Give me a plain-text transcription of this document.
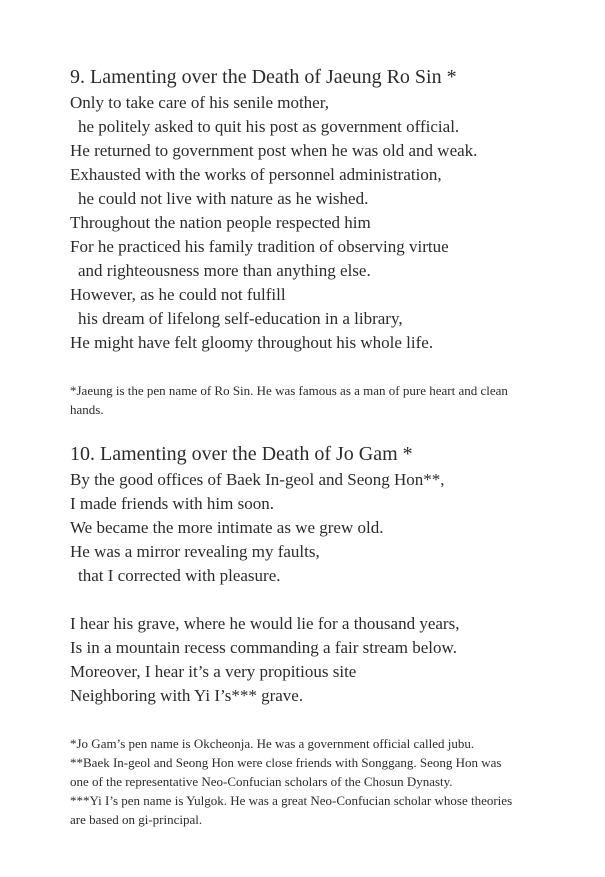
9. Lamenting over the Death of Jaeung Ro Sin *
Only to take care of his senile mother,
he politely asked to quit his post as government official.
He returned to government post when he was old and weak.
Exhausted with the works of personnel administration,
he could not live with nature as he wished.
Throughout the nation people respected him
For he practiced his family tradition of observing virtue
and righteousness more than anything else.
However, as he could not fulfill
his dream of lifelong self-education in a library,
He might have felt gloomy throughout his whole life.
*Jaeung is the pen name of Ro Sin. He was famous as a man of pure heart and clean
hands.
10. Lamenting over the Death of Jo Gam *
By the good offices of Baek In-geol and Seong Hon**,
I made friends with him soon.
We became the more intimate as we grew old.
He was a mirror revealing my faults,
that I corrected with pleasure.
I hear his grave, where he would lie for a thousand years,
Is in a mountain recess commanding a fair stream below.
Moreover, I hear it’s a very propitious site
Neighboring with Yi I’s*** grave.
*Jo Gam’s pen name is Okcheonja. He was a government official called jubu.
**Baek In-geol and Seong Hon were close friends with Songgang. Seong Hon was
one of the representative Neo-Confucian scholars of the Chosun Dynasty.
***Yi I’s pen name is Yulgok. He was a great Neo-Confucian scholar whose theories
are based on gi-principal.
